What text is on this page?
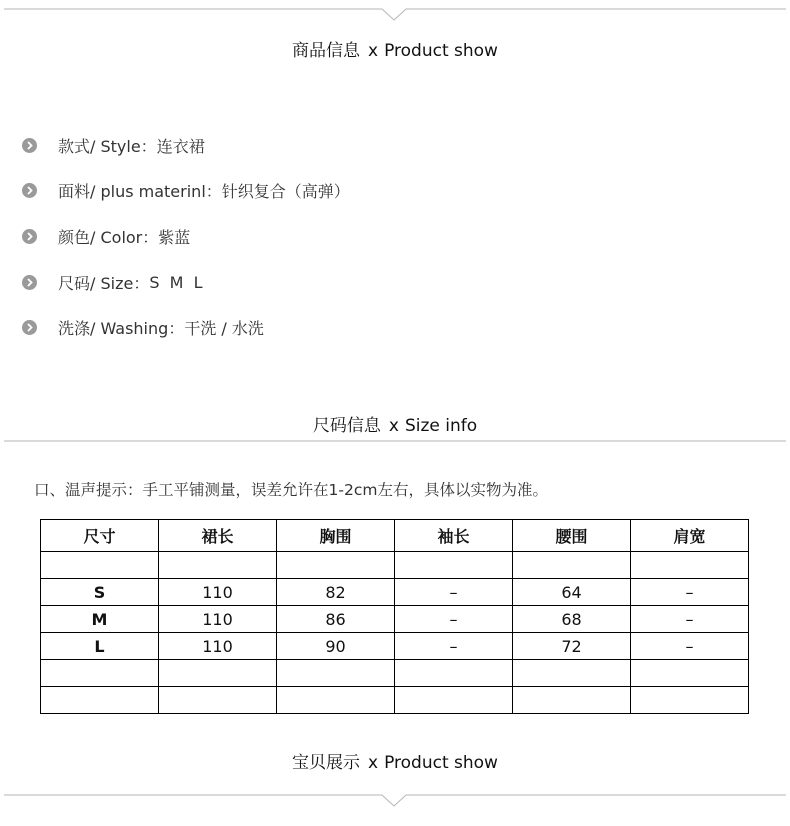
商品信息 x Product show
款式/ Style ： 连衣裙
面料/ plus materinl ： 针织复合（高弹）
颜色/ Color ： 紫蓝
尺码/ Size ： S  M  L
洗涤/ Washing ： 干洗 / 水洗
尺码信息 x Size info
口、温声提示：手工平铺测量，误差允许在1-2cm左右，具体以实物为准。
尺寸	裙长	胸围	袖长	腰围	肩宽

S	110	82	–	64	–
M	110	86	–	68	–
L	110	90	–	72	–

宝贝展示 x Product show
